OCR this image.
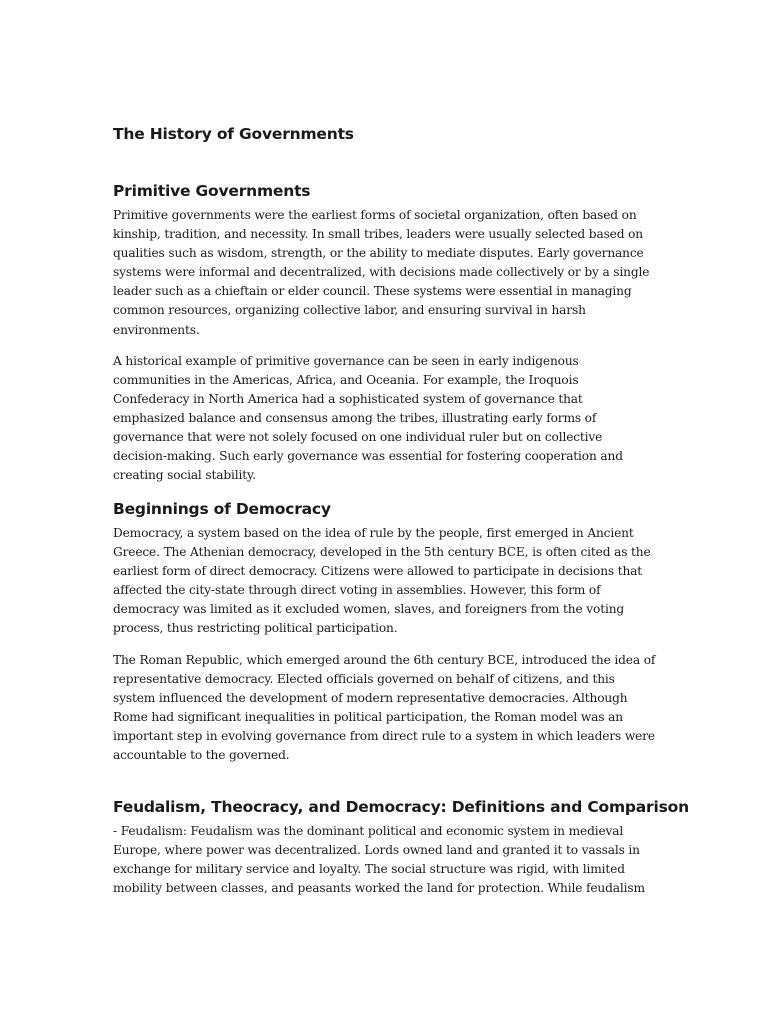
The History of Governments
Primitive Governments

Primitive governments were the earliest forms of societal organization, often based on kinship, tradition, and necessity. In small tribes, leaders were usually selected based on qualities such as wisdom, strength, or the ability to mediate disputes. Early governance systems were informal and decentralized, with decisions made collectively or by a single leader such as a chieftain or elder council. These systems were essential in managing common resources, organizing collective labor, and ensuring survival in harsh environments.

A historical example of primitive governance can be seen in early indigenous communities in the Americas, Africa, and Oceania. For example, the Iroquois Confederacy in North America had a sophisticated system of governance that emphasized balance and consensus among the tribes, illustrating early forms of governance that were not solely focused on one individual ruler but on collective decision-making. Such early governance was essential for fostering cooperation and creating social stability.

Beginnings of Democracy

Democracy, a system based on the idea of rule by the people, first emerged in Ancient Greece. The Athenian democracy, developed in the 5th century BCE, is often cited as the earliest form of direct democracy. Citizens were allowed to participate in decisions that affected the city-state through direct voting in assemblies. However, this form of democracy was limited as it excluded women, slaves, and foreigners from the voting process, thus restricting political participation.

The Roman Republic, which emerged around the 6th century BCE, introduced the idea of representative democracy. Elected officials governed on behalf of citizens, and this system influenced the development of modern representative democracies. Although Rome had significant inequalities in political participation, the Roman model was an important step in evolving governance from direct rule to a system in which leaders were accountable to the governed.

Feudalism, Theocracy, and Democracy: Definitions and Comparison

- Feudalism: Feudalism was the dominant political and economic system in medieval Europe, where power was decentralized. Lords owned land and granted it to vassals in exchange for military service and loyalty. The social structure was rigid, with limited mobility between classes, and peasants worked the land for protection. While feudalism
